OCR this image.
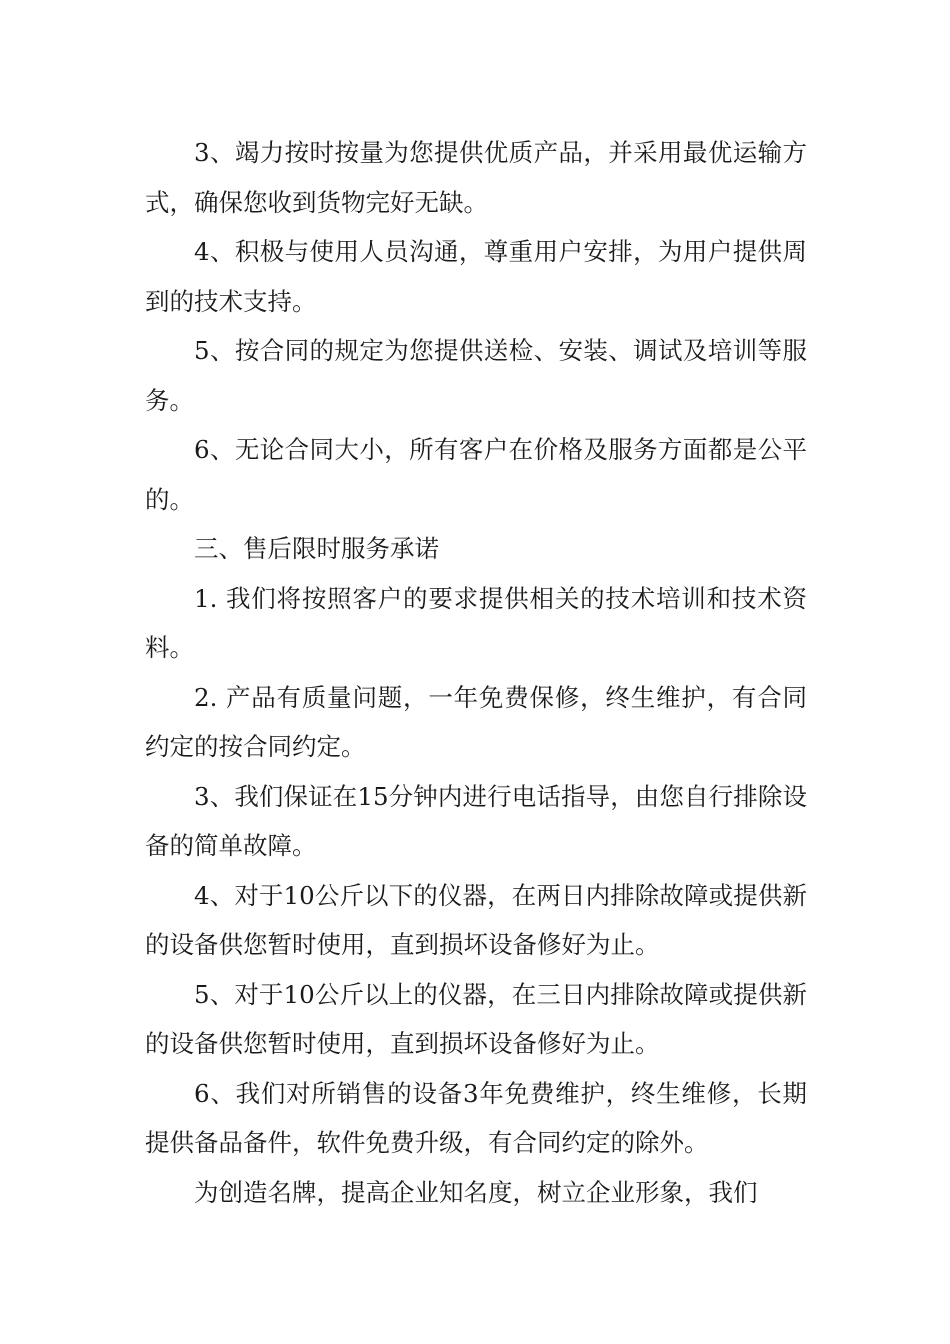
3、竭力按时按量为您提供优质产品，并采用最优运输方式，确保您收到货物完好无缺。

4、积极与使用人员沟通，尊重用户安排，为用户提供周到的技术支持。

5、按合同的规定为您提供送检、安装、调试及培训等服务。

6、无论合同大小，所有客户在价格及服务方面都是公平的。

三、售后限时服务承诺

1. 我们将按照客户的要求提供相关的技术培训和技术资料。

2. 产品有质量问题，一年免费保修，终生维护，有合同约定的按合同约定。

3、我们保证在15分钟内进行电话指导，由您自行排除设备的简单故障。

4、对于10公斤以下的仪器，在两日内排除故障或提供新的设备供您暂时使用，直到损坏设备修好为止。

5、对于10公斤以上的仪器，在三日内排除故障或提供新的设备供您暂时使用，直到损坏设备修好为止。

6、我们对所销售的设备3年免费维护，终生维修，长期提供备品备件，软件免费升级，有合同约定的除外。

为创造名牌，提高企业知名度，树立企业形象，我们
